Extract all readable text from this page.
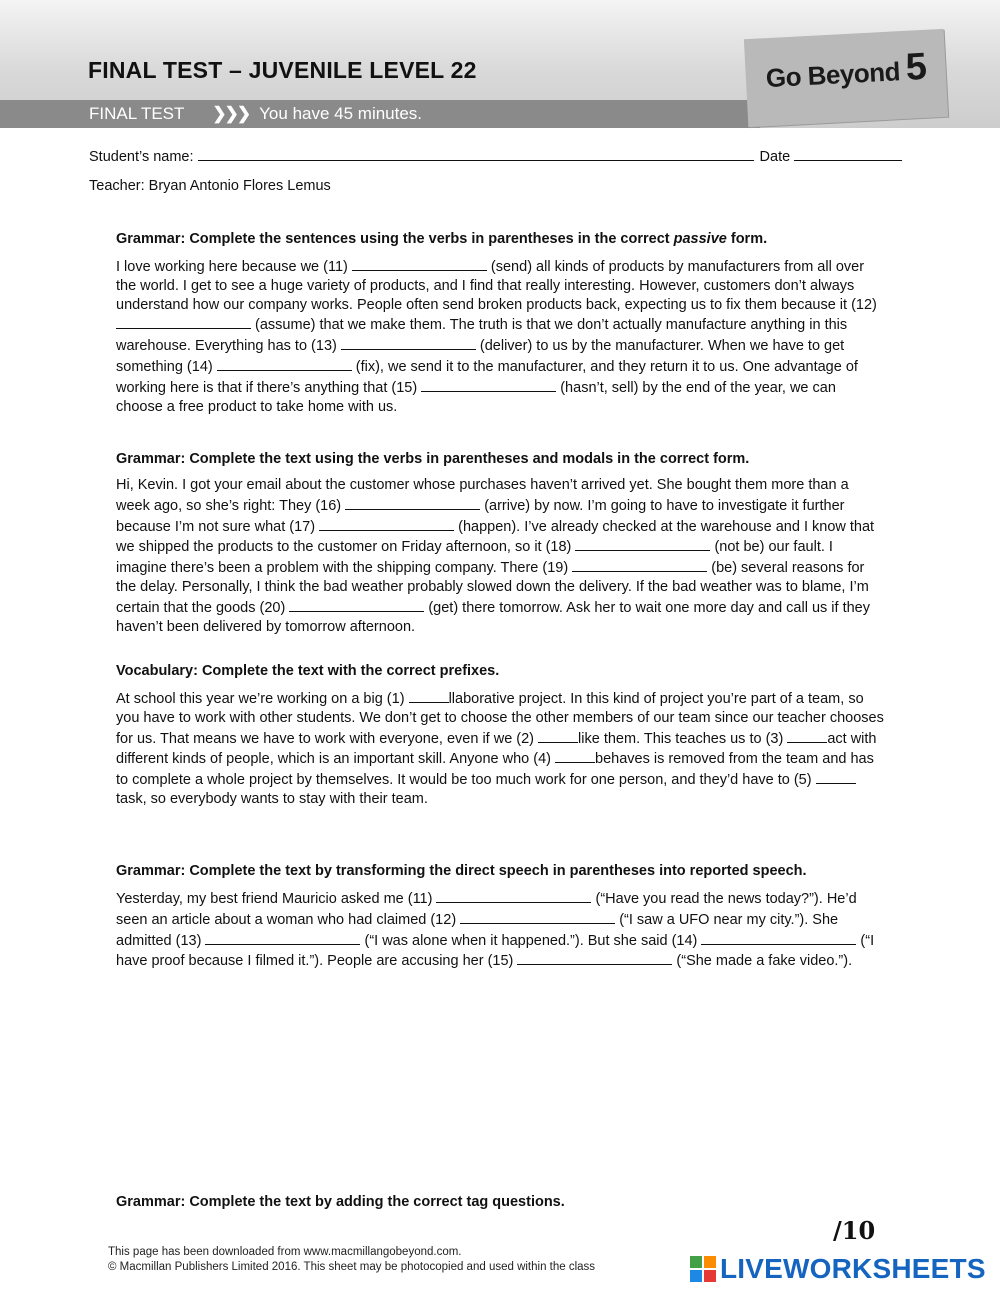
FINAL TEST – JUVENILE LEVEL 22
FINAL TEST ❯❯❯ You have 45 minutes.
Go Beyond 5
Student’s name:	Date
Teacher: Bryan Antonio Flores Lemus
Grammar: Complete the sentences using the verbs in parentheses in the correct passive form.

I love working here because we (11)	(send) all kinds of products by manufacturers from all over the world. I get to see a huge variety of products, and I find that really interesting. However, customers don’t always understand how our company works. People often send broken products back, expecting us to fix them because it (12)  (assume) that we make them. The truth is that we don’t actually manufacture anything in this warehouse. Everything has to (13)	(deliver) to us by the manufacturer. When we have to get something (14)	(fix), we send it to the manufacturer, and they return it to us. One advantage of working here is that if there’s anything that (15)	(hasn’t, sell) by the end of the year, we can choose a free product to take home with us.

Grammar: Complete the text using the verbs in parentheses and modals in the correct form.

Hi, Kevin. I got your email about the customer whose purchases haven’t arrived yet. She bought them more than a week ago, so she’s right: They (16)	(arrive) by now. I’m going to have to investigate it further because I’m not sure what (17)	(happen). I’ve already checked at the warehouse and I know that we shipped the products to the customer on Friday afternoon, so it (18)	(not be) our fault. I imagine there’s been a problem with the shipping company. There (19)	(be) several reasons for the delay. Personally, I think the bad weather probably slowed down the delivery. If the bad weather was to blame, I’m certain that the goods (20)	(get) there tomorrow. Ask her to wait one more day and call us if they haven’t been delivered by tomorrow afternoon.

Vocabulary: Complete the text with the correct prefixes.

At school this year we’re working on a big (1)	llaborative project. In this kind of project you’re part of a team, so you have to work with other students. We don’t get to choose the other members of our team since our teacher chooses for us. That means we have to work with everyone, even if we (2)	like them. This teaches us to (3)	act with different kinds of people, which is an important skill. Anyone who (4)	behaves is removed from the team and has to complete a whole project by themselves. It would be too much work for one person, and they’d have to (5) task, so everybody wants to stay with their team.

Grammar: Complete the text by transforming the direct speech in parentheses into reported speech.

Yesterday, my best friend Mauricio asked me (11)	(“Have you read the news today?”). He’d seen an article about a woman who had claimed (12)	(“I saw a UFO near my city.”). She admitted (13)	(“I was alone when it happened.”). But she said (14)	(“I have proof because I filmed it.”). People are accusing her (15)	(“She made a fake video.”).

Grammar: Complete the text by adding the correct tag questions.
/10
This page has been downloaded from www.macmillangobeyond.com.
© Macmillan Publishers Limited 2016. This sheet may be photocopied and used within the class	LIVEWORKSHEETS
